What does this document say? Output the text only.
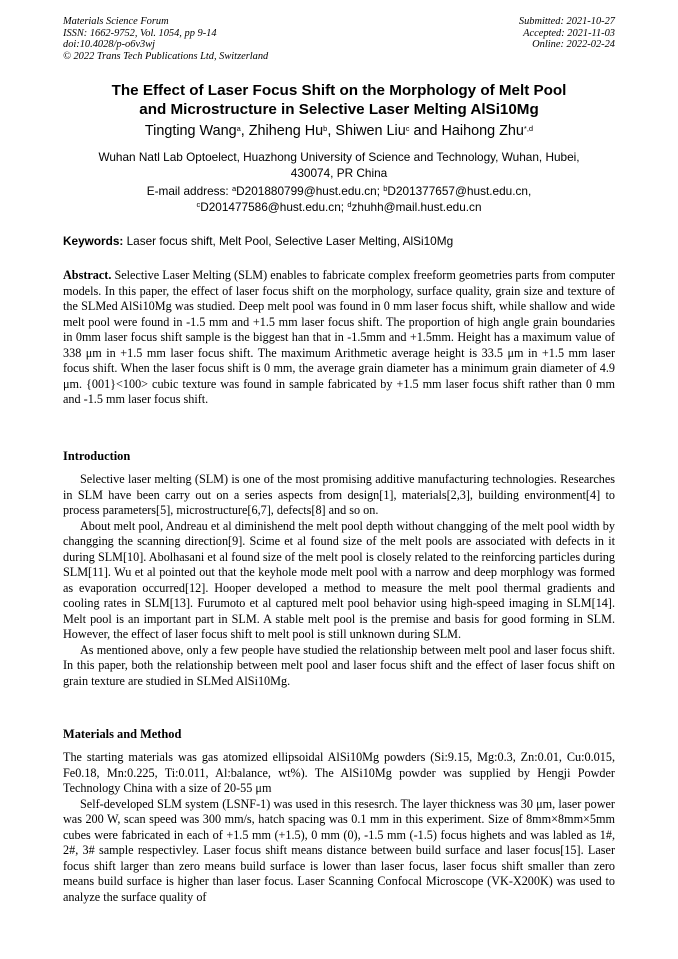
Materials Science Forum
ISSN: 1662-9752, Vol. 1054, pp 9-14
doi:10.4028/p-o6v3wj
© 2022 Trans Tech Publications Ltd, Switzerland
Submitted: 2021-10-27
Accepted: 2021-11-03
Online: 2022-02-24
The Effect of Laser Focus Shift on the Morphology of Melt Pool
and Microstructure in Selective Laser Melting AlSi10Mg
Tingting Wang$^a$, Zhiheng Hu$^b$, Shiwen Liu$^c$ and Haihong Zhu$^{*,d}$
Wuhan Natl Lab Optoelect, Huazhong University of Science and Technology, Wuhan, Hubei,
430074, PR China
E-mail address: $^a$D201880799@hust.edu.cn; $^b$D201377657@hust.edu.cn,
$^c$D201477586@hust.edu.cn; $^d$zhuhh@mail.hust.edu.cn
Keywords: Laser focus shift, Melt Pool, Selective Laser Melting, AlSi10Mg

Abstract. Selective Laser Melting (SLM) enables to fabricate complex freeform geometries parts from computer models. In this paper, the effect of laser focus shift on the morphology, surface quality, grain size and texture of the SLMed AlSi10Mg was studied. Deep melt pool was found in 0 mm laser focus shift, while shallow and wide melt pool were found in -1.5 mm and +1.5 mm laser focus shift. The proportion of high angle grain boundaries in 0mm laser focus shift sample is the biggest han that in -1.5mm and +1.5mm. Height has a maximum value of 338 μm in +1.5 mm laser focus shift. The maximum Arithmetic average height is 33.5 μm in +1.5 mm laser focus shift. When the laser focus shift is 0 mm, the average grain diameter has a minimum grain diameter of 4.9 μm. {001}<100> cubic texture was found in sample fabricated by +1.5 mm laser focus shift rather than 0 mm and -1.5 mm laser focus shift.

Introduction

Selective laser melting (SLM) is one of the most promising additive manufacturing technologies. Researches in SLM have been carry out on a series aspects from design[1], materials[2,3], building environment[4] to process parameters[5], microstructure[6,7], defects[8] and so on.

About melt pool, Andreau et al diminishend the melt pool depth without changging of the melt pool width by changging the scanning direction[9]. Scime et al found size of the melt pools are associated with defects in it during SLM[10]. Abolhasani et al found size of the melt pool is closely related to the reinforcing particles during SLM[11]. Wu et al pointed out that the keyhole mode melt pool with a narrow and deep morphlogy was formed as evaporation occurred[12]. Hooper developed a method to measure the melt pool thermal gradients and cooling rates in SLM[13]. Furumoto et al captured melt pool behavior using high-speed imaging in SLM[14]. Melt pool is an important part in SLM. A stable melt pool is the premise and basis for good forming in SLM. However, the effect of laser focus shift to melt pool is still unknown during SLM.

As mentioned above, only a few people have studied the relationship between melt pool and laser focus shift. In this paper, both the relationship between melt pool and laser focus shift and the effect of laser focus shift on grain texture are studied in SLMed AlSi10Mg.

Materials and Method

The starting materials was gas atomized ellipsoidal AlSi10Mg powders (Si:9.15, Mg:0.3, Zn:0.01, Cu:0.015, Fe0.18, Mn:0.225, Ti:0.011, Al:balance, wt%). The AlSi10Mg powder was supplied by Hengji Powder Technology China with a size of 20-55 μm

Self-developed SLM system (LSNF-1) was used in this resesrch. The layer thickness was 30 μm, laser power was 200 W, scan speed was 300 mm/s, hatch spacing was 0.1 mm in this experiment. Size of 8mm×8mm×5mm cubes were fabricated in each of +1.5 mm (+1.5), 0 mm (0), -1.5 mm (-1.5) focus highets and was labled as 1#, 2#, 3# sample respectivley. Laser focus shift means distance between build surface and laser focus[15]. Laser focus shift larger than zero means build surface is lower than laser focus, laser focus shift smaller than zero means build surface is higher than laser focus. Laser Scanning Confocal Microscope (VK-X200K) was used to analyze the surface quality of
